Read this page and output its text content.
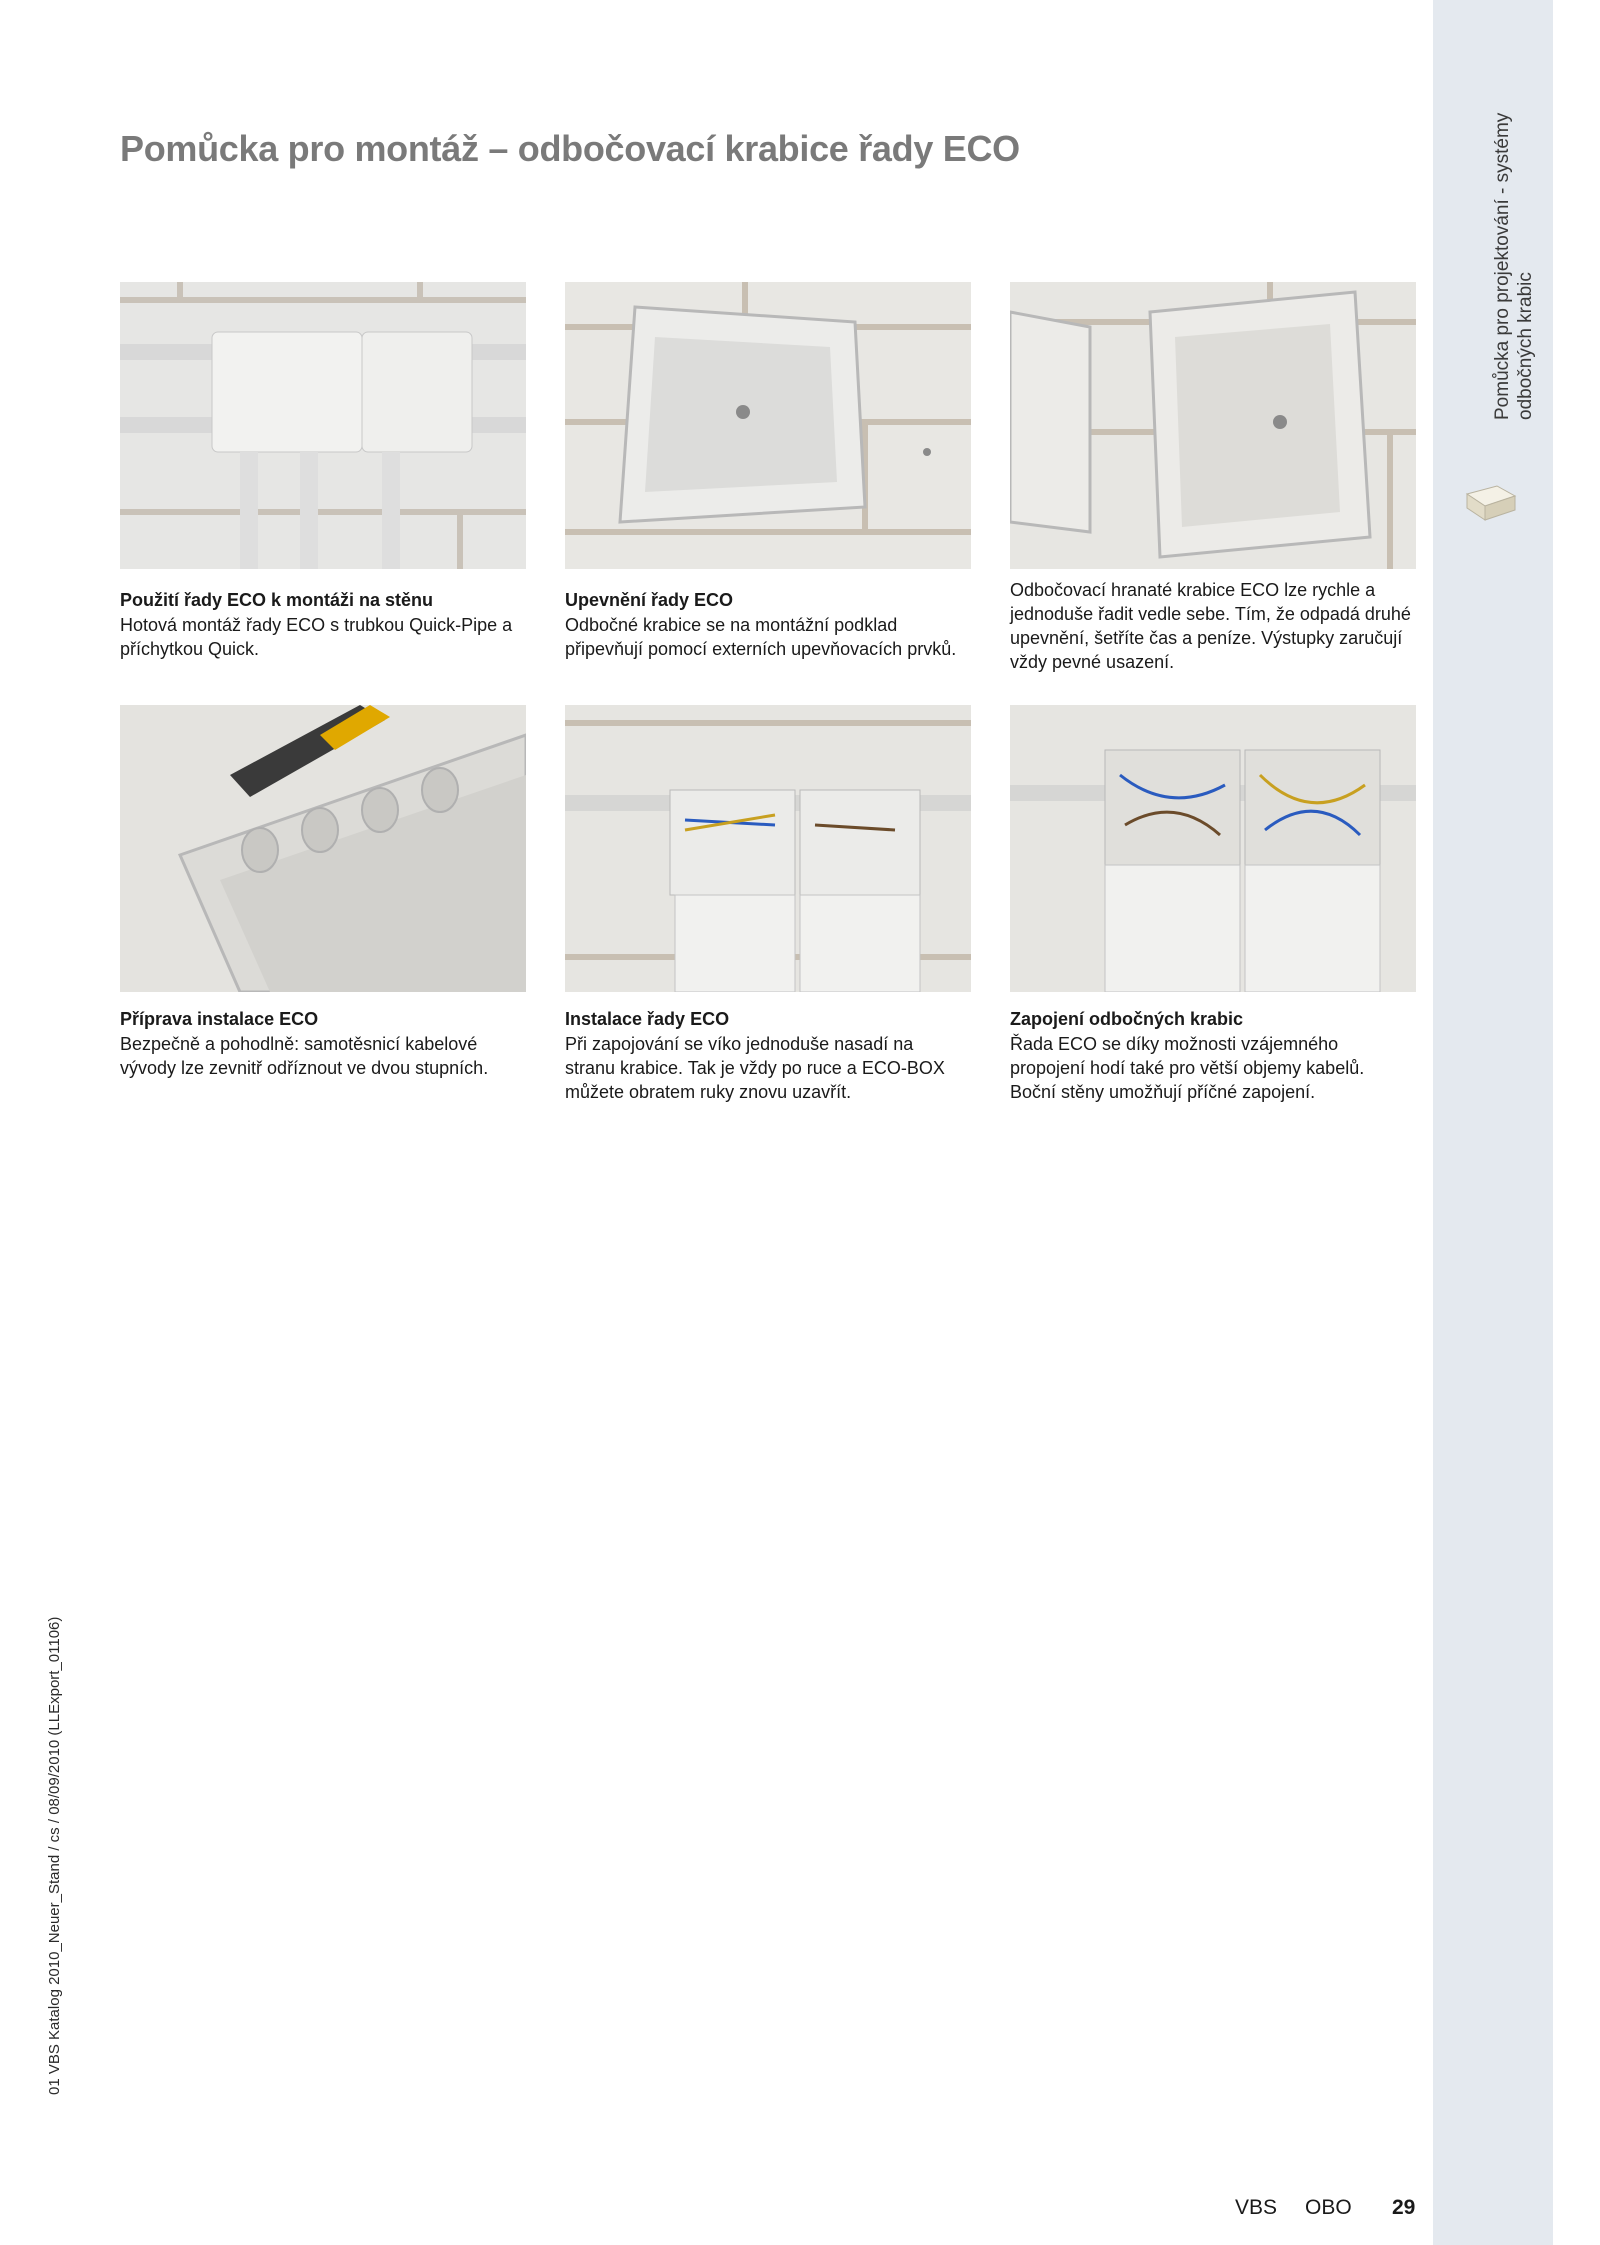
Pomůcka pro projektování - systémy odbočných krabic
Pomůcka pro montáž – odbočovací krabice řady ECO
Použití řady ECO k montáži na stěnu
Hotová montáž řady ECO s trubkou Quick-Pipe a příchytkou Quick.
Upevnění řady ECO
Odbočné krabice se na montážní podklad připevňují pomocí externích upevňovacích prvků.
Odbočovací hranaté krabice ECO lze rychle a jednoduše řadit vedle sebe. Tím, že odpadá druhé upevnění, šetříte čas a peníze. Výstupky zaručují vždy pevné usazení.
Příprava instalace ECO
Bezpečně a pohodlně: samotěsnicí kabelové vývody lze zevnitř odříznout ve dvou stupních.
Instalace řady ECO
Při zapojování se víko jednoduše nasadí na stranu krabice. Tak je vždy po ruce a ECO-BOX můžete obratem ruky znovu uzavřít.
Zapojení odbočných krabic
Řada ECO se díky možnosti vzájemného propojení hodí také pro větší objemy kabelů. Boční stěny umožňují příčné zapojení.
01 VBS Katalog 2010_Neuer_Stand / cs / 08/09/2010 (LLExport_01106)
VBS OBO 29
